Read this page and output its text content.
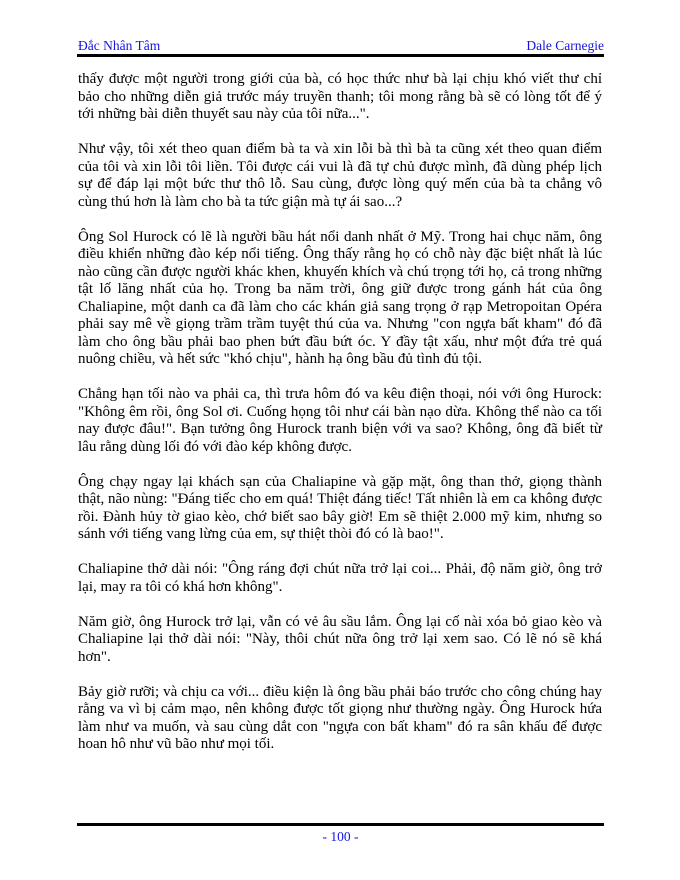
Đắc Nhân Tâm	Dale Carnegie

thấy được một người trong giới của bà, có học thức như bà lại chịu khó viết thư chỉ bảo cho những diễn giả trước máy truyền thanh; tôi mong rằng bà sẽ có lòng tốt để ý tới những bài diễn thuyết sau này của tôi nữa...".

Như vậy, tôi xét theo quan điểm bà ta và xin lỗi bà thì bà ta cũng xét theo quan điểm của tôi và xin lỗi tôi liền. Tôi được cái vui là đã tự chủ được mình, đã dùng phép lịch sự để đáp lại một bức thư thô lỗ. Sau cùng, được lòng quý mến của bà ta chẳng vô cùng thú hơn là làm cho bà ta tức giận mà tự ái sao...?

Ông Sol Hurock có lẽ là người bầu hát nổi danh nhất ở Mỹ. Trong hai chục năm, ông điều khiển những đào kép nổi tiếng. Ông thấy rằng họ có chỗ này đặc biệt nhất là lúc nào cũng cần được người khác khen, khuyến khích và chú trọng tới họ, cả trong những tật lố lăng nhất của họ. Trong ba năm trời, ông giữ được trong gánh hát của ông Chaliapine, một danh ca đã làm cho các khán giả sang trọng ở rạp Metropoitan Opéra phải say mê về giọng trầm trầm tuyệt thú của va. Nhưng "con ngựa bất kham" đó đã làm cho ông bầu phải bao phen bứt đầu bứt óc. Y đầy tật xấu, như một đứa trẻ quá nuông chiều, và hết sức "khó chịu", hành hạ ông bầu đủ tình đủ tội.

Chẳng hạn tối nào va phải ca, thì trưa hôm đó va kêu điện thoại, nói với ông Hurock: "Không êm rồi, ông Sol ơi. Cuống họng tôi như cái bàn nạo dừa. Không thể nào ca tối nay được đâu!". Bạn tưởng ông Hurock tranh biện với va sao? Không, ông đã biết từ lâu rằng dùng lối đó với đào kép không được.

Ông chạy ngay lại khách sạn của Chaliapine và gặp mặt, ông than thở, giọng thành thật, não nùng: "Đáng tiếc cho em quá! Thiệt đáng tiếc! Tất nhiên là em ca không được rồi. Đành hủy tờ giao kèo, chớ biết sao bây giờ! Em sẽ thiệt 2.000 mỹ kim, nhưng so sánh với tiếng vang lừng của em, sự thiệt thòi đó có là bao!".

Chaliapine thở dài nói: "Ông ráng đợi chút nữa trở lại coi... Phải, độ năm giờ, ông trở lại, may ra tôi có khá hơn không".

Năm giờ, ông Hurock trở lại, vẫn có vẻ âu sầu lắm. Ông lại cố nài xóa bỏ giao kèo và Chaliapine lại thở dài nói: "Này, thôi chút nữa ông trở lại xem sao. Có lẽ nó sẽ khá hơn".

Bảy giờ rưỡi; và chịu ca với... điều kiện là ông bầu phải báo trước cho công chúng hay rằng va vì bị cảm mạo, nên không được tốt giọng như thường ngày. Ông Hurock hứa làm như va muốn, và sau cùng dắt con "ngựa con bất kham" đó ra sân khấu để được hoan hô như vũ bão như mọi tối.

- 100 -
